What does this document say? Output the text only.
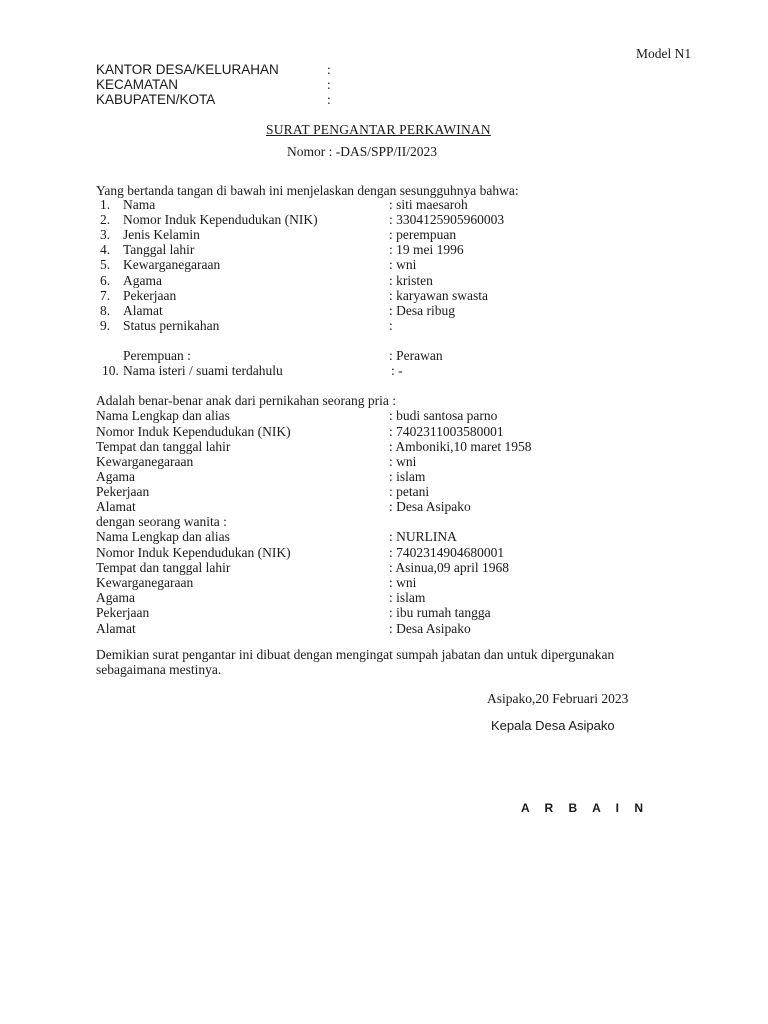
Model N1
KANTOR DESA/KELURAHAN	:
KECAMATAN	:
KABUPATEN/KOTA	:
SURAT PENGANTAR PERKAWINAN
Nomor : -DAS/SPP/II/2023
Yang bertanda tangan di bawah ini menjelaskan dengan sesungguhnya bahwa:
1. Nama	: siti maesaroh
2. Nomor Induk Kependudukan (NIK)	: 3304125905960003
3. Jenis Kelamin	: perempuan
4. Tanggal lahir	: 19 mei 1996
5. Kewarganegaraan	: wni
6. Agama	: kristen
7. Pekerjaan	: karyawan swasta
8. Alamat	: Desa ribug
9. Status pernikahan	:
Perempuan :	: Perawan
10. Nama isteri / suami terdahulu	: -
Adalah benar-benar anak dari pernikahan seorang pria :
Nama Lengkap dan alias	: budi santosa parno
Nomor Induk Kependudukan (NIK)	: 7402311003580001
Tempat dan tanggal lahir	: Amboniki,10 maret 1958
Kewarganegaraan	: wni
Agama	: islam
Pekerjaan	: petani
Alamat	: Desa Asipako
dengan seorang wanita :
Nama Lengkap dan alias	: NURLINA
Nomor Induk Kependudukan (NIK)	: 7402314904680001
Tempat dan tanggal lahir	: Asinua,09 april 1968
Kewarganegaraan	: wni
Agama	: islam
Pekerjaan	: ibu rumah tangga
Alamat	: Desa Asipako
Demikian surat pengantar ini dibuat dengan mengingat sumpah jabatan dan untuk dipergunakan
sebagaimana mestinya.
Asipako,20 Februari 2023
Kepala Desa Asipako
A R B A I N
